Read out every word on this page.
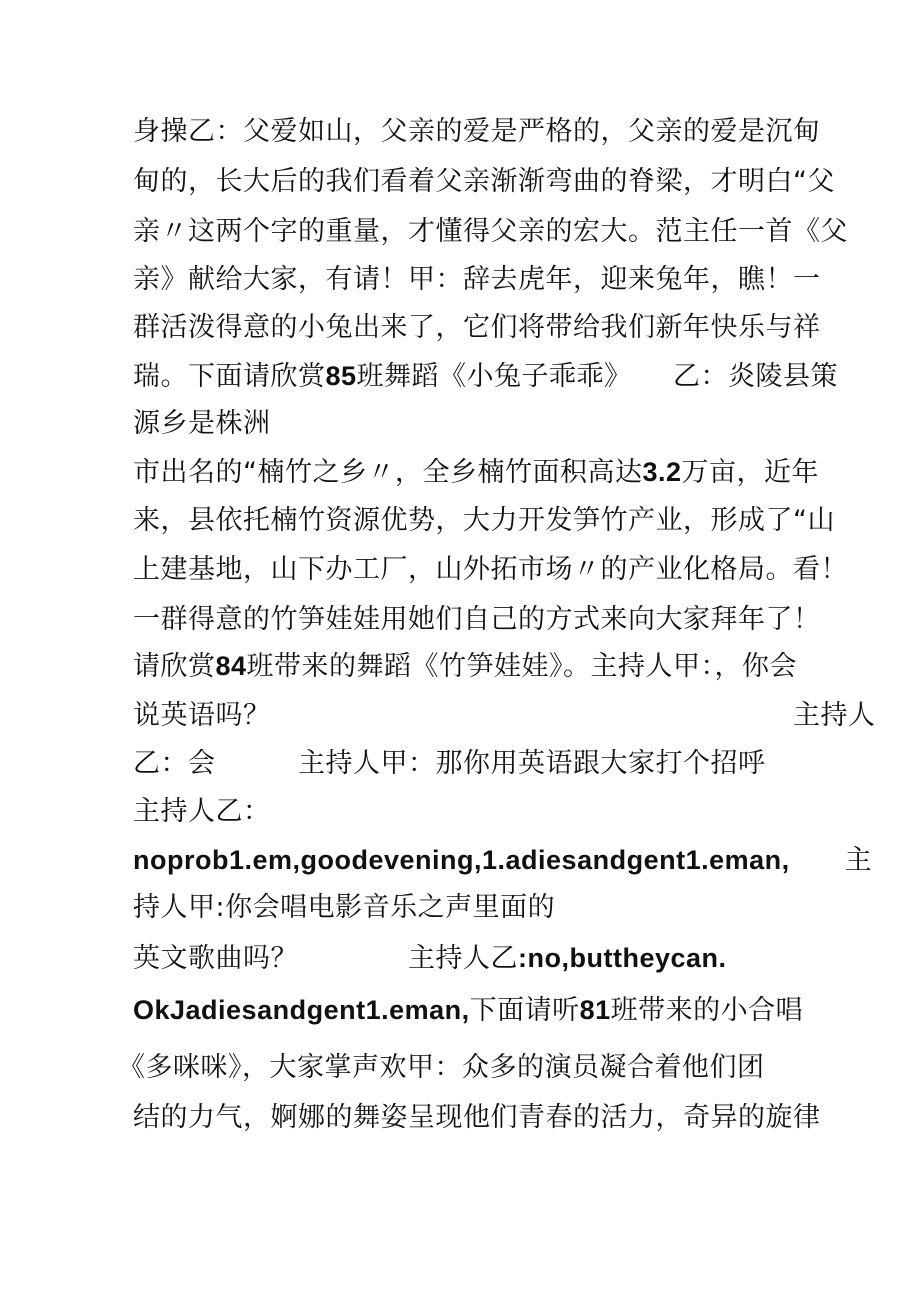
身操乙：父爱如山，父亲的爱是严格的，父亲的爱是沉甸
甸的，长大后的我们看着父亲渐渐弯曲的脊梁，才明白“父
亲〃这两个字的重量，才懂得父亲的宏大。范主任一首《父
亲》献给大家，有请！甲：辞去虎年，迎来兔年，瞧！一
群活泼得意的小兔出来了，它们将带给我们新年快乐与祥
瑞。下面请欣赏85班舞蹈《小兔子乖乖》　　乙：炎陵县策
源乡是株洲
市出名的“楠竹之乡〃，全乡楠竹面积高达3.2万亩，近年
来，县依托楠竹资源优势，大力开发笋竹产业，形成了“山
上建基地，山下办工厂，山外拓市场〃的产业化格局。看！
一群得意的竹笋娃娃用她们自己的方式来向大家拜年了！
请欣赏84班带来的舞蹈《竹笋娃娃》。主持人甲：，你会
说英语吗？　　　　　　　　　　　　　　　　　　　主持人
乙：会　　　主持人甲：那你用英语跟大家打个招呼
主持人乙：
noprob1.em,goodevening,1.adiesandgent1.eman,　　主
持人甲:你会唱电影音乐之声里面的
英文歌曲吗？　　　　主持人乙:no,buttheycan.
OkJadiesandgent1.eman,下面请听81班带来的小合唱
《多咪咪》，大家掌声欢甲：众多的演员凝合着他们团
结的力气，婀娜的舞姿呈现他们青春的活力，奇异的旋律
